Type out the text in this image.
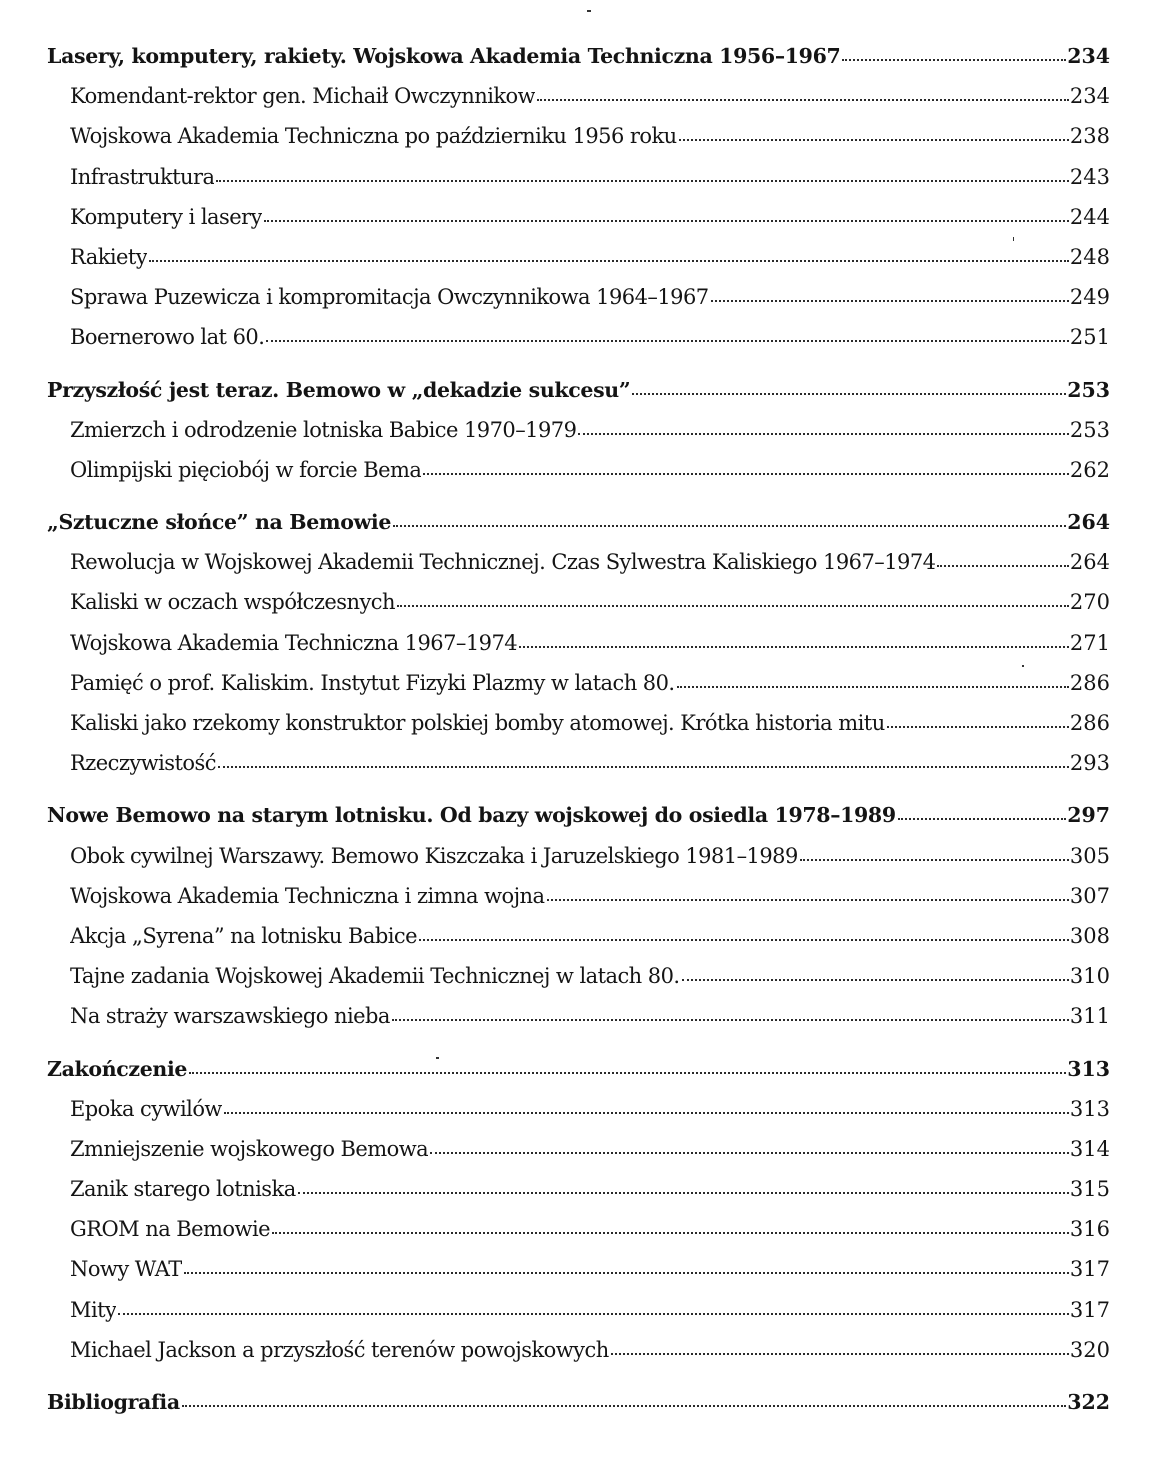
Lasery, komputery, rakiety. Wojskowa Akademia Techniczna 1956–1967	234
Komendant-rektor gen. Michaił Owczynnikow	234
Wojskowa Akademia Techniczna po październiku 1956 roku	238
Infrastruktura	243
Komputery i lasery	244
Rakiety	248
Sprawa Puzewicza i kompromitacja Owczynnikowa 1964–1967	249
Boernerowo lat 60.	251
Przyszłość jest teraz. Bemowo w „dekadzie sukcesu”	253
Zmierzch i odrodzenie lotniska Babice 1970–1979	253
Olimpijski pięciobój w forcie Bema	262
„Sztuczne słońce” na Bemowie	264
Rewolucja w Wojskowej Akademii Technicznej. Czas Sylwestra Kaliskiego 1967–1974	264
Kaliski w oczach współczesnych	270
Wojskowa Akademia Techniczna 1967–1974	271
Pamięć o prof. Kaliskim. Instytut Fizyki Plazmy w latach 80.	286
Kaliski jako rzekomy konstruktor polskiej bomby atomowej. Krótka historia mitu	286
Rzeczywistość	293
Nowe Bemowo na starym lotnisku. Od bazy wojskowej do osiedla 1978–1989	297
Obok cywilnej Warszawy. Bemowo Kiszczaka i Jaruzelskiego 1981–1989	305
Wojskowa Akademia Techniczna i zimna wojna	307
Akcja „Syrena” na lotnisku Babice	308
Tajne zadania Wojskowej Akademii Technicznej w latach 80.	310
Na straży warszawskiego nieba	311
Zakończenie	313
Epoka cywilów	313
Zmniejszenie wojskowego Bemowa	314
Zanik starego lotniska	315
GROM na Bemowie	316
Nowy WAT	317
Mity	317
Michael Jackson a przyszłość terenów powojskowych	320
Bibliografia	322
